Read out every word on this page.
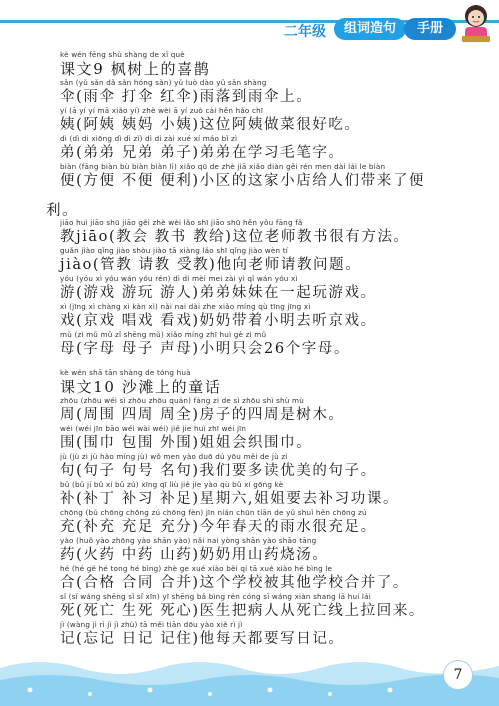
二年级	组词造句	手册
kè wén fēng shù shàng de xǐ què
课文9 枫树上的喜鹊
sǎn (yǔ sǎn dǎ sǎn hóng sǎn) yǔ luò dào yǔ sǎn shàng
伞(雨伞 打伞 红伞)雨落到雨伞上。
yí (ā yí yí mā xiǎo yí) zhè wèi ā yí zuò cài hěn hǎo chī
姨(阿姨 姨妈 小姨)这位阿姨做菜很好吃。
dì (dì di xiōng dì dì zǐ) dì di zài xué xí máo bǐ zì
弟(弟弟 兄弟 弟子)弟弟在学习毛笔字。
biàn (fāng biàn bù biàn biàn lì) xiǎo qū de zhè jiā xiǎo diàn gěi rén men dài lái le biàn
便(方便 不便 便利)小区的这家小店给人们带来了便
利。
jiāo huì jiāo shū jiāo gěi zhè wèi lǎo shī jiāo shū hěn yǒu fāng fǎ
教jiāo(教会 教书 教给)这位老师教书很有方法。
guǎn jiào qǐng jiào shòu jiào tā xiàng lǎo shī qǐng jiào wèn tí
jiào(管教 请教 受教)他向老师请教问题。
yóu (yóu xì yóu wán yóu rén) dì di mèi mei zài yì qǐ wán yóu xì
游(游戏 游玩 游人)弟弟妹妹在一起玩游戏。
xì (jīng xì chàng xì kàn xì) nǎi nai dài zhe xiǎo míng qù tīng jīng xì
戏(京戏 唱戏 看戏)奶奶带着小明去听京戏。
mǔ (zì mǔ mǔ zǐ shēng mǔ) xiǎo míng zhī huì gè zì mǔ
母(字母 母子 声母)小明只会26个字母。
kè wén shā tān shàng de tóng huà
课文10 沙滩上的童话
zhōu (zhōu wéi sì zhōu zhōu quán) fáng zi de sì zhōu shì shù mù
周(周围 四周 周全)房子的四周是树木。
wéi (wéi jīn bāo wéi wài wéi) jiě jie huì zhī wéi jīn
围(围巾 包围 外围)姐姐会织围巾。
jù (jù zi jù hào míng jù) wǒ men yào duō dú yōu měi de jù zi
句(句子 句号 名句)我们要多读优美的句子。
bǔ (bǔ jí bǔ xí bǔ zú) xīng qī liù jiě jie yào qù bǔ xí gōng kè
补(补丁 补习 补足)星期六,姐姐要去补习功课。
chōng (bǔ chōng chōng zú chōng fèn) jīn nián chūn tiān de yǔ shuǐ hěn chōng zú
充(补充 充足 充分)今年春天的雨水很充足。
yào (huǒ yào zhōng yào shān yào) nǎi nai yòng shān yào shāo tāng
药(火药 中药 山药)奶奶用山药烧汤。
hé (hé gé hé tong hé bìng) zhè ge xué xiào bèi qí tā xué xiào hé bìng le
合(合格 合同 合并)这个学校被其他学校合并了。
sǐ (sǐ wáng shēng sǐ sǐ xīn) yī shēng bǎ bìng rén cóng sǐ wáng xiàn shang lā huí lái
死(死亡 生死 死心)医生把病人从死亡线上拉回来。
jì (wàng jì rì jì jì zhù) tā měi tiān dōu yào xiě rì jì
记(忘记 日记 记住)他每天都要写日记。
7
